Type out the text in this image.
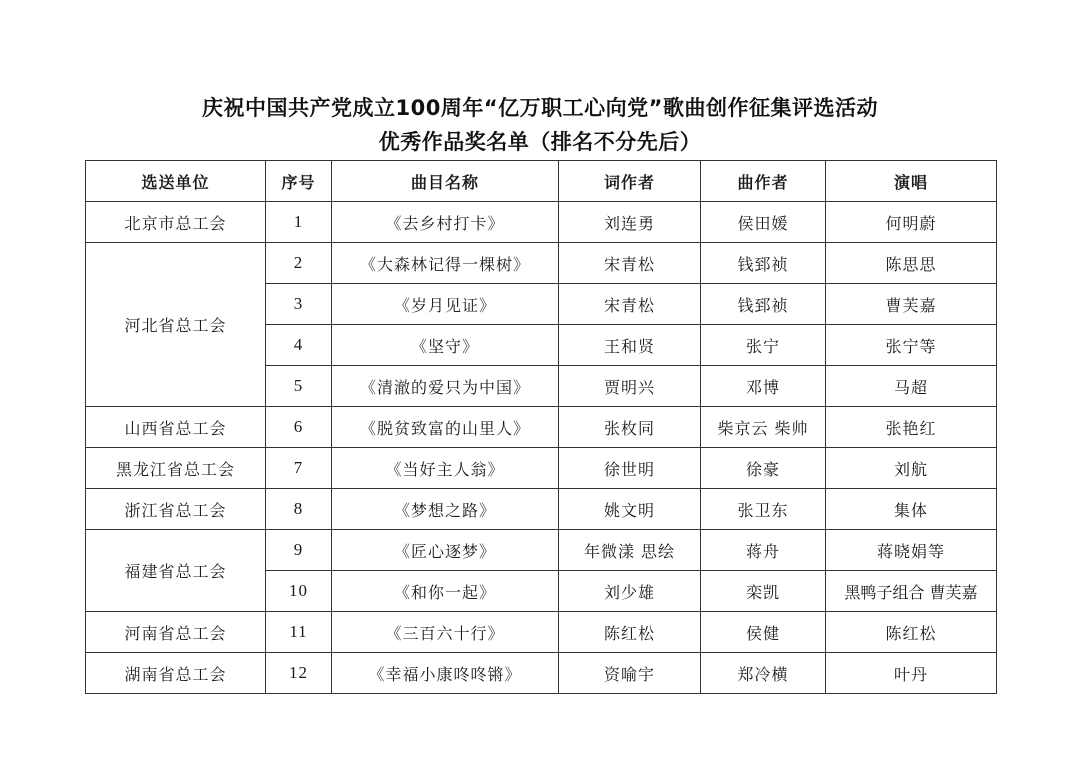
庆祝中国共产党成立100周年“亿万职工心向党”歌曲创作征集评选活动
优秀作品奖名单（排名不分先后）
选送单位	序号	曲目名称	词作者	曲作者	演唱
北京市总工会	1	《去乡村打卡》	刘连勇	侯田媛	何明蔚
河北省总工会	2	《大森林记得一棵树》	宋青松	钱郅祯	陈思思
	3	《岁月见证》	宋青松	钱郅祯	曹芙嘉
	4	《坚守》	王和贤	张宁	张宁等
	5	《清澈的爱只为中国》	贾明兴	邓博	马超
山西省总工会	6	《脱贫致富的山里人》	张枚同	柴京云 柴帅	张艳红
黑龙江省总工会	7	《当好主人翁》	徐世明	徐豪	刘航
浙江省总工会	8	《梦想之路》	姚文明	张卫东	集体
福建省总工会	9	《匠心逐梦》	年微漾 思绘	蒋舟	蒋晓娟等
	10	《和你一起》	刘少雄	栾凯	黑鸭子组合 曹芙嘉
河南省总工会	11	《三百六十行》	陈红松	侯健	陈红松
湖南省总工会	12	《幸福小康咚咚锵》	资喻宇	郑冷横	叶丹
